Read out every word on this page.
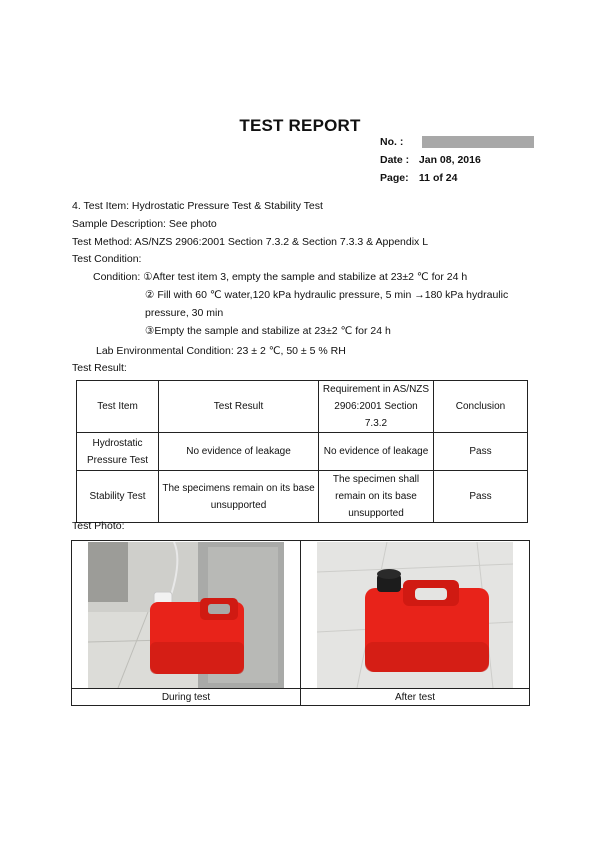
TEST REPORT
No. :
Date : Jan 08, 2016
Page: 11 of 24
4. Test Item: Hydrostatic Pressure Test & Stability Test
Sample Description: See photo
Test Method: AS/NZS 2906:2001 Section 7.3.2 & Section 7.3.3 & Appendix L
Test Condition:
Condition: ①After test item 3, empty the sample and stabilize at 23±2 ℃ for 24 h
② Fill with 60 ℃ water,120 kPa hydraulic pressure, 5 min →180 kPa hydraulic
pressure, 30 min
③Empty the sample and stabilize at 23±2 ℃ for 24 h
Lab Environmental Condition: 23 ± 2 ℃, 50 ± 5 % RH
Test Result:
Test Item	Test Result	Requirement in AS/NZS 2906:2001 Section 7.3.2	Conclusion
Hydrostatic Pressure Test	No evidence of leakage	No evidence of leakage	Pass
Stability Test	The specimens remain on its base unsupported	The specimen shall remain on its base unsupported	Pass
Test Photo:

During test	After test
